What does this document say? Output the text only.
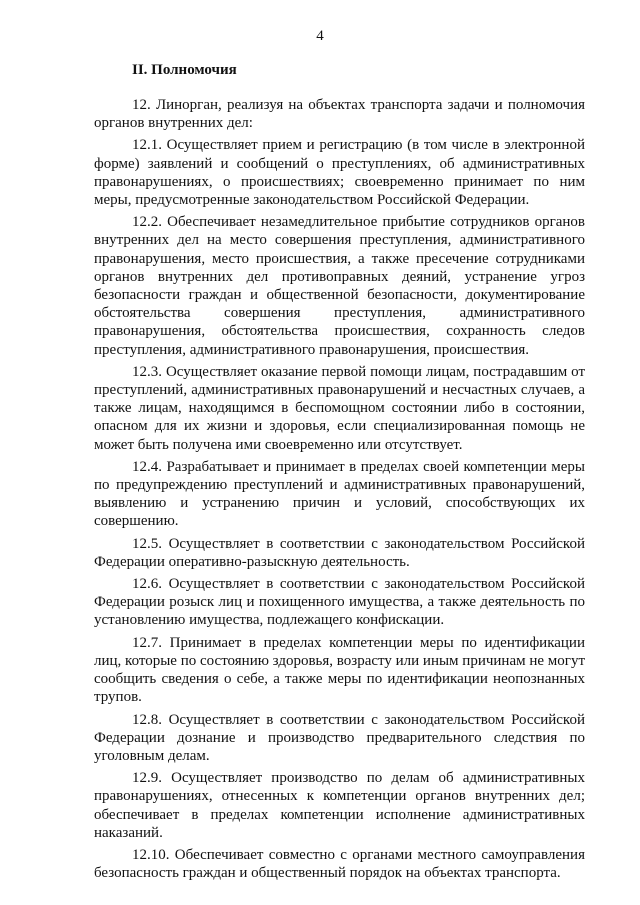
4
II. Полномочия

12. Линорган, реализуя на объектах транспорта задачи и полномочия органов внутренних дел:

12.1. Осуществляет прием и регистрацию (в том числе в электронной форме) заявлений и сообщений о преступлениях, об административных правонарушениях, о происшествиях; своевременно принимает по ним меры, предусмотренные законодательством Российской Федерации.

12.2. Обеспечивает незамедлительное прибытие сотрудников органов внутренних дел на место совершения преступления, административного правонарушения, место происшествия, а также пресечение сотрудниками органов внутренних дел противоправных деяний, устранение угроз безопасности граждан и общественной безопасности, документирование обстоятельства совершения преступления, административного правонарушения, обстоятельства происшествия, сохранность следов преступления, административного правонарушения, происшествия.

12.3. Осуществляет оказание первой помощи лицам, пострадавшим от преступлений, административных правонарушений и несчастных случаев, а также лицам, находящимся в беспомощном состоянии либо в состоянии, опасном для их жизни и здоровья, если специализированная помощь не может быть получена ими своевременно или отсутствует.

12.4. Разрабатывает и принимает в пределах своей компетенции меры по предупреждению преступлений и административных правонарушений, выявлению и устранению причин и условий, способствующих их совершению.

12.5. Осуществляет в соответствии с законодательством Российской Федерации оперативно-разыскную деятельность.

12.6. Осуществляет в соответствии с законодательством Российской Федерации розыск лиц и похищенного имущества, а также деятельность по установлению имущества, подлежащего конфискации.

12.7. Принимает в пределах компетенции меры по идентификации лиц, которые по состоянию здоровья, возрасту или иным причинам не могут сообщить сведения о себе, а также меры по идентификации неопознанных трупов.

12.8. Осуществляет в соответствии с законодательством Российской Федерации дознание и производство предварительного следствия по уголовным делам.

12.9. Осуществляет производство по делам об административных правонарушениях, отнесенных к компетенции органов внутренних дел; обеспечивает в пределах компетенции исполнение административных наказаний.

12.10. Обеспечивает совместно с органами местного самоуправления безопасность граждан и общественный порядок на объектах транспорта.
